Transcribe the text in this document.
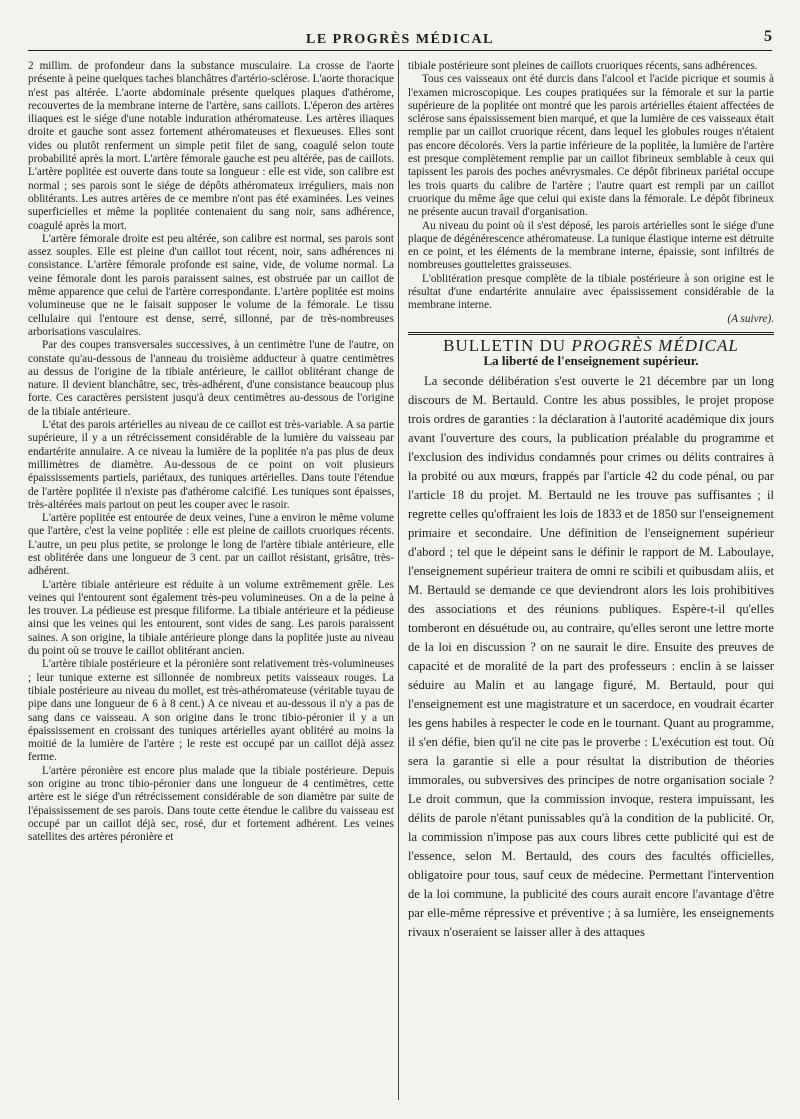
LE PROGRÈS MÉDICAL	5

2 millim. de profondeur dans la substance musculaire. La crosse de l'aorte présente à peine quelques taches blanchâtres d'artério-sclérose. L'aorte thoracique n'est pas altérée. L'aorte abdominale présente quelques plaques d'athérome, recouvertes de la membrane interne de l'artère, sans caillots. L'éperon des artères iliaques est le siége d'une notable induration athéromateuse. Les artères iliaques droite et gauche sont assez fortement athéromateuses et flexueuses. Elles sont vides ou plutôt renferment un simple petit filet de sang, coagulé selon toute probabilité après la mort. L'artère fémorale gauche est peu altérée, pas de caillots. L'artère poplitée est ouverte dans toute sa longueur : elle est vide, son calibre est normal ; ses parois sont le siége de dépôts athéromateux irréguliers, mais non oblitérants. Les autres artères de ce membre n'ont pas été examinées. Les veines superficielles et même la poplitée contenaient du sang noir, sans adhérence, coagulé après la mort.

L'artère fémorale droite est peu altérée, son calibre est normal, ses parois sont assez souples. Elle est pleine d'un caillot tout récent, noir, sans adhérences ni consistance. L'artère fémorale profonde est saine, vide, de volume normal. La veine fémorale dont les parois paraissent saines, est obstruée par un caillot de même apparence que celui de l'artère correspondante. L'artère poplitée est moins volumineuse que ne le faisait supposer le volume de la fémorale. Le tissu cellulaire qui l'entoure est dense, serré, sillonné, par de très-nombreuses arborisations vasculaires.

Par des coupes transversales successives, à un centimètre l'une de l'autre, on constate qu'au-dessous de l'anneau du troisième adducteur à quatre centimètres au dessus de l'origine de la tibiale antérieure, le caillot oblitérant change de nature. Il devient blanchâtre, sec, très-adhérent, d'une consistance beaucoup plus forte. Ces caractères persistent jusqu'à deux centimètres au-dessous de l'origine de la tibiale antérieure.

L'état des parois artérielles au niveau de ce caillot est très-variable. A sa partie supérieure, il y a un rétrécissement considérable de la lumière du vaisseau par endartérite annulaire. A ce niveau la lumière de la poplitée n'a pas plus de deux millimètres de diamètre. Au-dessous de ce point on voit plusieurs épaississements partiels, pariétaux, des tuniques artérielles. Dans toute l'étendue de l'artère poplitée il n'existe pas d'athérome calcifié. Les tuniques sont épaisses, très-altérées mais partout on peut les couper avec le rasoir.

L'artère poplitée est entourée de deux veines, l'une a environ le même volume que l'artère, c'est la veine poplitée : elle est pleine de caillots cruoriques récents. L'autre, un peu plus petite, se prolonge le long de l'artère tibiale antérieure, elle est oblitérée dans une longueur de 3 cent. par un caillot résistant, grisâtre, très-adhérent.

L'artère tibiale antérieure est réduite à un volume extrêmement grêle. Les veines qui l'entourent sont également très-peu volumineuses. On a de la peine à les trouver. La pédieuse est presque filiforme. La tibiale antérieure et la pédieuse ainsi que les veines qui les entourent, sont vides de sang. Les parois paraissent saines. A son origine, la tibiale antérieure plonge dans la poplitée juste au niveau du point où se trouve le caillot oblitérant ancien.

L'artère tibiale postérieure et la péronière sont relativement très-volumineuses ; leur tunique externe est sillonnée de nombreux petits vaisseaux rouges. La tibiale postérieure au niveau du mollet, est très-athéromateuse (véritable tuyau de pipe dans une longueur de 6 à 8 cent.) A ce niveau et au-dessous il n'y a pas de sang dans ce vaisseau. A son origine dans le tronc tibio-péronier il y a un épaississement en croissant des tuniques artérielles ayant oblitéré au moins la moitié de la lumière de l'artère ; le reste est occupé par un caillot déjà assez ferme.

L'artère péronière est encore plus malade que la tibiale postérieure. Depuis son origine au tronc tibio-péronier dans une longueur de 4 centimètres, cette artère est le siége d'un rétrécissement considérable de son diamètre par suite de l'épaississement de ses parois. Dans toute cette étendue le calibre du vaisseau est occupé par un caillot déjà sec, rosé, dur et fortement adhérent. Les veines satellites des artères péronière et

tibiale postérieure sont pleines de caillots cruoriques récents, sans adhérences.

Tous ces vaisseaux ont été durcis dans l'alcool et l'acide picrique et soumis à l'examen microscopique. Les coupes pratiquées sur la fémorale et sur la partie supérieure de la poplitée ont montré que les parois artérielles étaient affectées de sclérose sans épaississement bien marqué, et que la lumière de ces vaisseaux était remplie par un caillot cruorique récent, dans lequel les globules rouges n'étaient pas encore décolorés. Vers la partie inférieure de la poplitée, la lumière de l'artère est presque complètement remplie par un caillot fibrineux semblable à ceux qui tapissent les parois des poches anévrysmales. Ce dépôt fibrineux pariétal occupe les trois quarts du calibre de l'artère ; l'autre quart est rempli par un caillot cruorique du même âge que celui qui existe dans la fémorale. Le dépôt fibrineux ne présente aucun travail d'organisation.

Au niveau du point où il s'est déposé, les parois artérielles sont le siége d'une plaque de dégénérescence athéromateuse. La tunique élastique interne est détruite en ce point, et les éléments de la membrane interne, épaissie, sont infiltrés de nombreuses gouttelettes graisseuses.

L'oblitération presque complète de la tibiale postérieure à son origine est le résultat d'une endartérite annulaire avec épaississement considérable de la membrane interne.

(A suivre).
BULLETIN DU PROGRÈS MÉDICAL
La liberté de l'enseignement supérieur.

La seconde délibération s'est ouverte le 21 décembre par un long discours de M. Bertauld. Contre les abus possibles, le projet propose trois ordres de garanties : la déclaration à l'autorité académique dix jours avant l'ouverture des cours, la publication préalable du programme et l'exclusion des individus condamnés pour crimes ou délits contraires à la probité ou aux mœurs, frappés par l'article 42 du code pénal, ou par l'article 18 du projet. M. Bertauld ne les trouve pas suffisantes ; il regrette celles qu'offraient les lois de 1833 et de 1850 sur l'enseignement primaire et secondaire. Une définition de l'enseignement supérieur d'abord ; tel que le dépeint sans le définir le rapport de M. Laboulaye, l'enseignement supérieur traitera de omni re scibili et quibusdam aliis, et M. Bertauld se demande ce que deviendront alors les lois prohibitives des associations et des réunions publiques. Espère-t-il qu'elles tomberont en désuétude ou, au contraire, qu'elles seront une lettre morte de la loi en discussion ? on ne saurait le dire. Ensuite des preuves de capacité et de moralité de la part des professeurs : enclin à se laisser séduire au Malin et au langage figuré, M. Bertauld, pour qui l'enseignement est une magistrature et un sacerdoce, en voudrait écarter les gens habiles à respecter le code en le tournant. Quant au programme, il s'en défie, bien qu'il ne cite pas le proverbe : L'exécution est tout. Où sera la garantie si elle a pour résultat la distribution de théories immorales, ou subversives des principes de notre organisation sociale ? Le droit commun, que la commission invoque, restera impuissant, les délits de parole n'étant punissables qu'à la condition de la publicité. Or, la commission n'impose pas aux cours libres cette publicité qui est de l'essence, selon M. Bertauld, des cours des facultés officielles, obligatoire pour tous, sauf ceux de médecine. Permettant l'intervention de la loi commune, la publicité des cours aurait encore l'avantage d'être par elle-même répressive et préventive ; à sa lumière, les enseignements rivaux n'oseraient se laisser aller à des attaques
